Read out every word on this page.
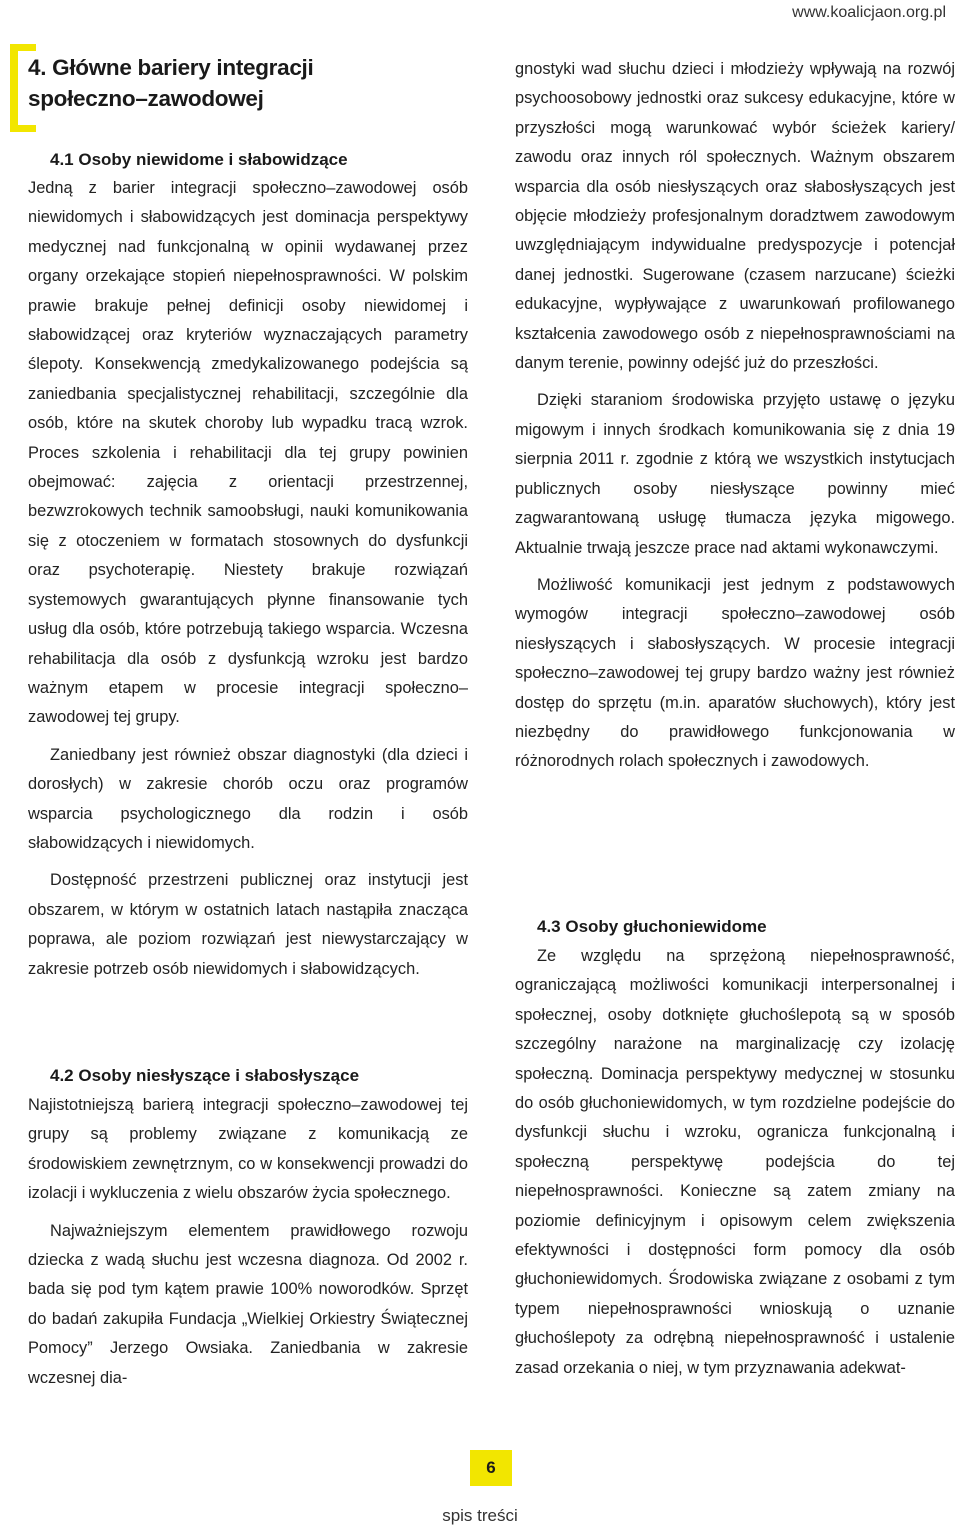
www.koalicjaon.org.pl
4. Główne bariery integracji
społeczno–zawodowej
4.1 Osoby niewidome i słabowidzące

Jedną z barier integracji społeczno–zawodowej osób niewidomych i słabowidzących jest dominacja perspektywy medycznej nad funkcjonalną w opinii wydawanej przez organy orzekające stopień niepełnosprawności. W polskim prawie brakuje pełnej definicji osoby niewidomej i słabowidzącej oraz kryteriów wyznaczających parametry ślepoty. Konsekwencją zmedykalizowanego podejścia są zaniedbania specjalistycznej rehabilitacji, szczególnie dla osób, które na skutek choroby lub wypadku tracą wzrok. Proces szkolenia i rehabilitacji dla tej grupy powinien obejmować: zajęcia z orientacji przestrzennej, bezwzrokowych technik samoobsługi, nauki komunikowania się z otoczeniem w formatach stosownych do dysfunkcji oraz psychoterapię. Niestety brakuje rozwiązań systemowych gwarantujących płynne finansowanie tych usług dla osób, które potrzebują takiego wsparcia. Wczesna rehabilitacja dla osób z dysfunkcją wzroku jest bardzo ważnym etapem w procesie integracji społeczno–zawodowej tej grupy.

Zaniedbany jest również obszar diagnostyki (dla dzieci i dorosłych) w zakresie chorób oczu oraz programów wsparcia psychologicznego dla rodzin i osób słabowidzących i niewidomych.

Dostępność przestrzeni publicznej oraz instytucji jest obszarem, w którym w ostatnich latach nastąpiła znacząca poprawa, ale poziom rozwiązań jest niewystarczający w zakresie potrzeb osób niewidomych i słabowidzących.

4.2 Osoby niesłyszące i słabosłyszące

Najistotniejszą barierą integracji społeczno–zawodowej tej grupy są problemy związane z komunikacją ze środowiskiem zewnętrznym, co w konsekwencji prowadzi do izolacji i wykluczenia z wielu obszarów życia społecznego.

Najważniejszym elementem prawidłowego rozwoju dziecka z wadą słuchu jest wczesna diagnoza. Od 2002 r. bada się pod tym kątem prawie 100% noworodków. Sprzęt do badań zakupiła Fundacja „Wielkiej Orkiestry Świątecznej Pomocy” Jerzego Owsiaka. Zaniedbania w zakresie wczesnej dia-

gnostyki wad słuchu dzieci i młodzieży wpływają na rozwój psychoosobowy jednostki oraz sukcesy edukacyjne, które w przyszłości mogą warunkować wybór ścieżek kariery/ zawodu oraz innych ról społecznych. Ważnym obszarem wsparcia dla osób niesłyszących oraz słabosłyszących jest objęcie młodzieży profesjonalnym doradztwem zawodowym uwzględniającym indywidualne predyspozycje i potencjał danej jednostki. Sugerowane (czasem narzucane) ścieżki edukacyjne, wypływające z uwarunkowań profilowanego kształcenia zawodowego osób z niepełnosprawnościami na danym terenie, powinny odejść już do przeszłości.

Dzięki staraniom środowiska przyjęto ustawę o języku migowym i innych środkach komunikowania się z dnia 19 sierpnia 2011 r. zgodnie z którą we wszystkich instytucjach publicznych osoby niesłyszące powinny mieć zagwarantowaną usługę tłumacza języka migowego. Aktualnie trwają jeszcze prace nad aktami wykonawczymi.

Możliwość komunikacji jest jednym z podstawowych wymogów integracji społeczno–zawodowej osób niesłyszących i słabosłyszących. W procesie integracji społeczno–zawodowej tej grupy bardzo ważny jest również dostęp do sprzętu (m.in. aparatów słuchowych), który jest niezbędny do prawidłowego funkcjonowania w różnorodnych rolach społecznych i zawodowych.

4.3 Osoby głuchoniewidome

Ze względu na sprzężoną niepełnosprawność, ograniczającą możliwości komunikacji interpersonalnej i społecznej, osoby dotknięte głuchoślepotą są w sposób szczególny narażone na marginalizację czy izolację społeczną. Dominacja perspektywy medycznej w stosunku do osób głuchoniewidomych, w tym rozdzielne podejście do dysfunkcji słuchu i wzroku, ogranicza funkcjonalną i społeczną perspektywę podejścia do tej niepełnosprawności. Konieczne są zatem zmiany na poziomie definicyjnym i opisowym celem zwiększenia efektywności i dostępności form pomocy dla osób głuchoniewidomych. Środowiska związane z osobami z tym typem niepełnosprawności wnioskują o uznanie głuchoślepoty za odrębną niepełnosprawność i ustalenie zasad orzekania o niej, w tym przyznawania adekwat-

6
spis treści
